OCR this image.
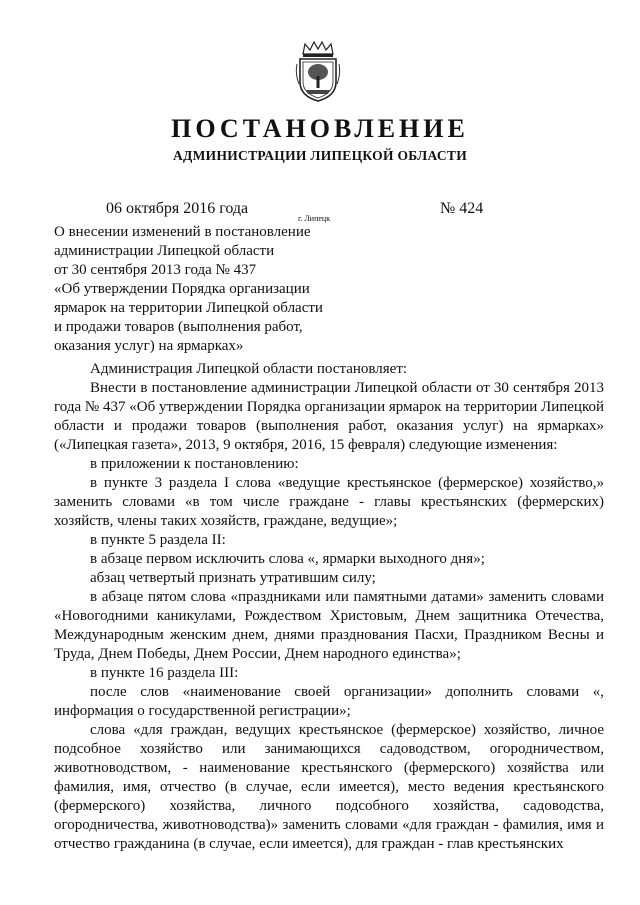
ПОСТАНОВЛЕНИЕ
АДМИНИСТРАЦИИ ЛИПЕЦКОЙ ОБЛАСТИ
06 октября 2016 года
г. Липецк
№ 424
О внесении изменений в постановление
администрации Липецкой области
от 30 сентября 2013 года № 437
«Об утверждении Порядка организации
ярмарок на территории Липецкой области
и продажи товаров (выполнения работ,
оказания услуг) на ярмарках»

Администрация Липецкой области постановляет:

Внести в постановление администрации Липецкой области от 30 сентября 2013 года № 437 «Об утверждении Порядка организации ярмарок на территории Липецкой области и продажи товаров (выполнения работ, оказания услуг) на ярмарках» («Липецкая газета», 2013, 9 октября, 2016, 15 февраля) следующие изменения:

в приложении к постановлению:

в пункте 3 раздела I слова «ведущие крестьянское (фермерское) хозяйство,» заменить словами «в том числе граждане - главы крестьянских (фермерских) хозяйств, члены таких хозяйств, граждане, ведущие»;

в пункте 5 раздела II:

в абзаце первом исключить слова «, ярмарки выходного дня»;

абзац четвертый признать утратившим силу;

в абзаце пятом слова «праздниками или памятными датами» заменить словами «Новогодними каникулами, Рождеством Христовым, Днем защитника Отечества, Международным женским днем, днями празднования Пасхи, Праздником Весны и Труда, Днем Победы, Днем России, Днем народного единства»;

в пункте 16 раздела III:

после слов «наименование своей организации» дополнить словами «, информация о государственной регистрации»;

слова «для граждан, ведущих крестьянское (фермерское) хозяйство, личное подсобное хозяйство или занимающихся садоводством, огородничеством, животноводством, - наименование крестьянского (фермерского) хозяйства или фамилия, имя, отчество (в случае, если имеется), место ведения крестьянского (фермерского) хозяйства, личного подсобного хозяйства, садоводства, огородничества, животноводства)» заменить словами «для граждан - фамилия, имя и отчество гражданина (в случае, если имеется), для граждан - глав крестьянских
